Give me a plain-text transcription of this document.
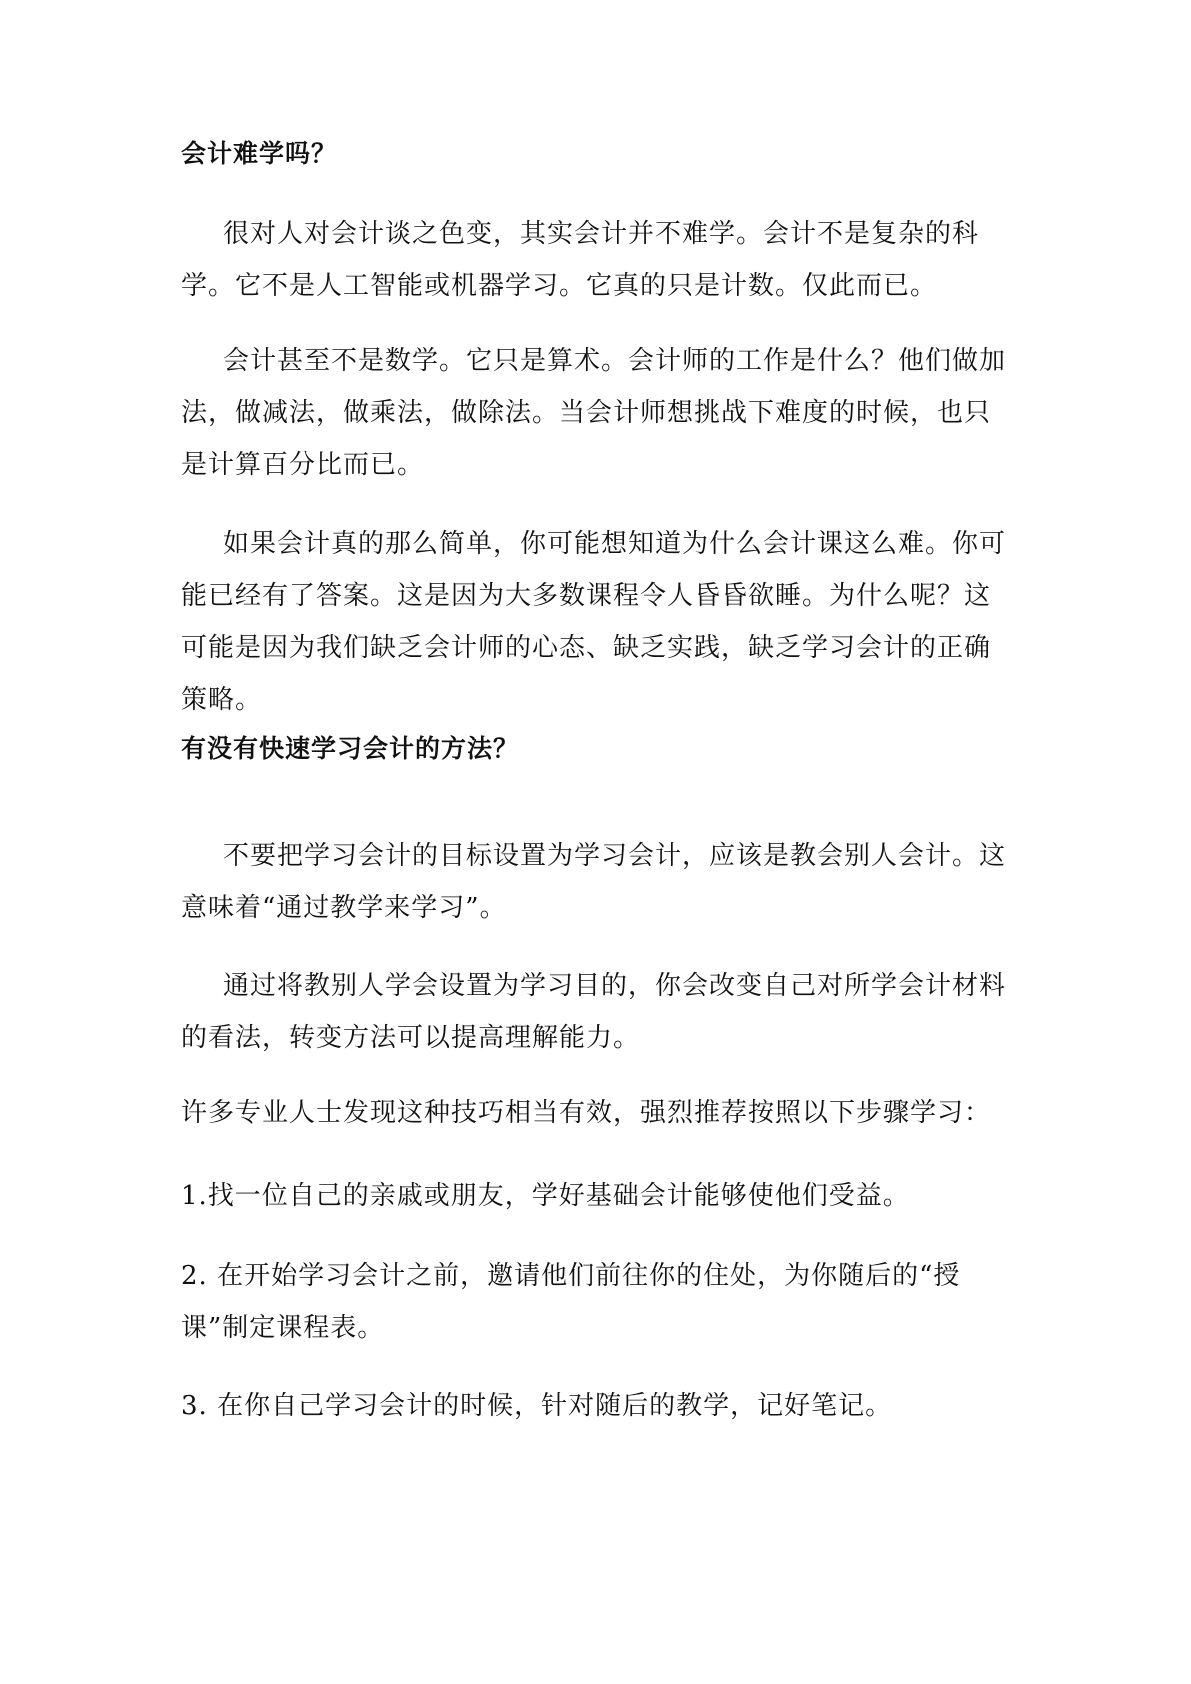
会计难学吗？

很对人对会计谈之色变，其实会计并不难学。会计不是复杂的科学。它不是人工智能或机器学习。它真的只是计数。仅此而已。

会计甚至不是数学。它只是算术。会计师的工作是什么？他们做加法，做减法，做乘法，做除法。当会计师想挑战下难度的时候，也只是计算百分比而已。

如果会计真的那么简单，你可能想知道为什么会计课这么难。你可能已经有了答案。这是因为大多数课程令人昏昏欲睡。为什么呢？这可能是因为我们缺乏会计师的心态、缺乏实践，缺乏学习会计的正确策略。

有没有快速学习会计的方法？

不要把学习会计的目标设置为学习会计，应该是教会别人会计。这意味着“通过教学来学习”。

通过将教别人学会设置为学习目的，你会改变自己对所学会计材料的看法，转变方法可以提高理解能力。

许多专业人士发现这种技巧相当有效，强烈推荐按照以下步骤学习：

1.找一位自己的亲戚或朋友，学好基础会计能够使他们受益。

2. 在开始学习会计之前，邀请他们前往你的住处，为你随后的“授课”制定课程表。

3. 在你自己学习会计的时候，针对随后的教学，记好笔记。
